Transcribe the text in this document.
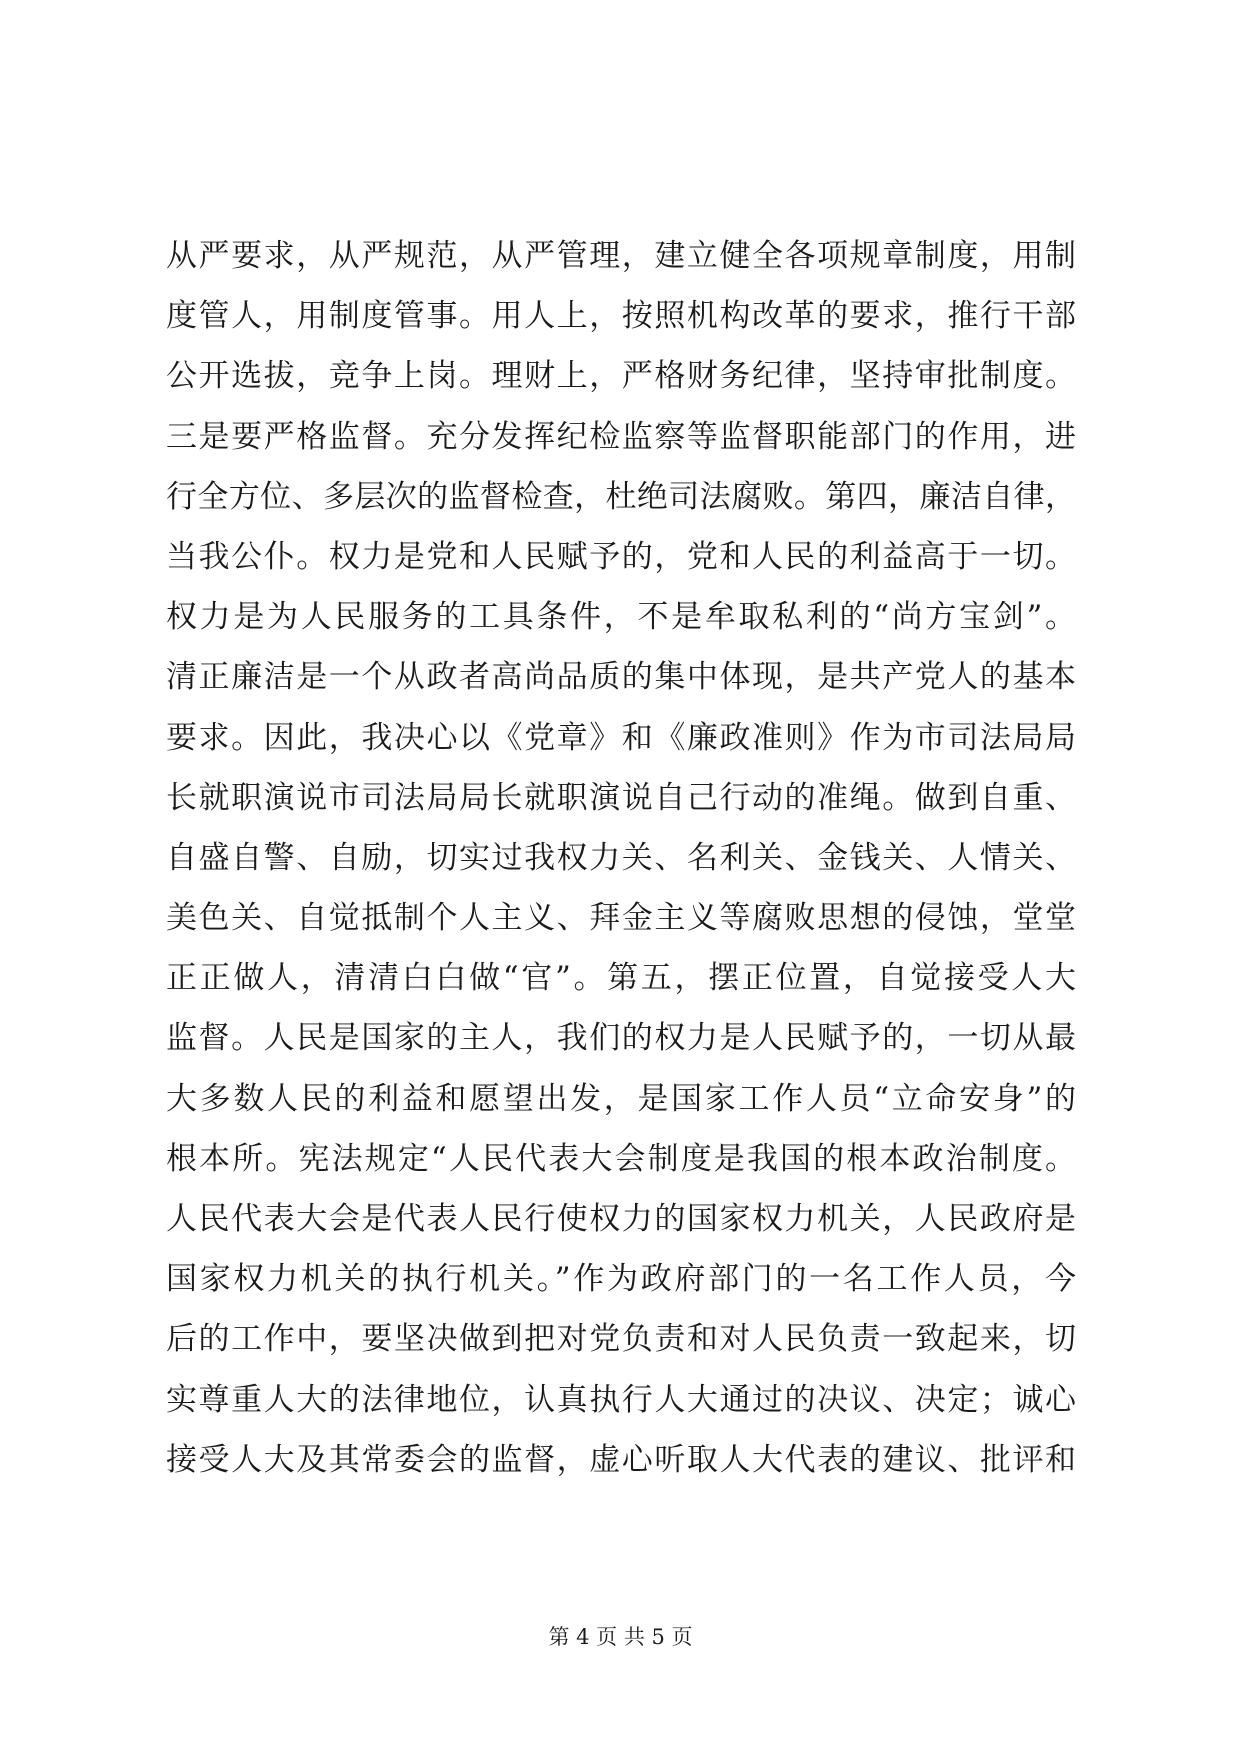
从严要求，从严规范，从严管理，建立健全各项规章制度，用制
度管人，用制度管事。用人上，按照机构改革的要求，推行干部
公开选拔，竞争上岗。理财上，严格财务纪律，坚持审批制度。
三是要严格监督。充分发挥纪检监察等监督职能部门的作用，进
行全方位、多层次的监督检查，杜绝司法腐败。第四，廉洁自律，
当我公仆。权力是党和人民赋予的，党和人民的利益高于一切。
权力是为人民服务的工具条件，不是牟取私利的“尚方宝剑”。
清正廉洁是一个从政者高尚品质的集中体现，是共产党人的基本
要求。因此，我决心以《党章》和《廉政准则》作为市司法局局
长就职演说市司法局局长就职演说自己行动的准绳。做到自重、
自盛自警、自励，切实过我权力关、名利关、金钱关、人情关、
美色关、自觉抵制个人主义、拜金主义等腐败思想的侵蚀，堂堂
正正做人，清清白白做“官”。第五，摆正位置，自觉接受人大
监督。人民是国家的主人，我们的权力是人民赋予的，一切从最
大多数人民的利益和愿望出发，是国家工作人员“立命安身”的
根本所。宪法规定“人民代表大会制度是我国的根本政治制度。
人民代表大会是代表人民行使权力的国家权力机关，人民政府是
国家权力机关的执行机关。”作为政府部门的一名工作人员，今
后的工作中，要坚决做到把对党负责和对人民负责一致起来，切
实尊重人大的法律地位，认真执行人大通过的决议、决定；诚心
接受人大及其常委会的监督，虚心听取人大代表的建议、批评和
第 4 页 共 5 页
